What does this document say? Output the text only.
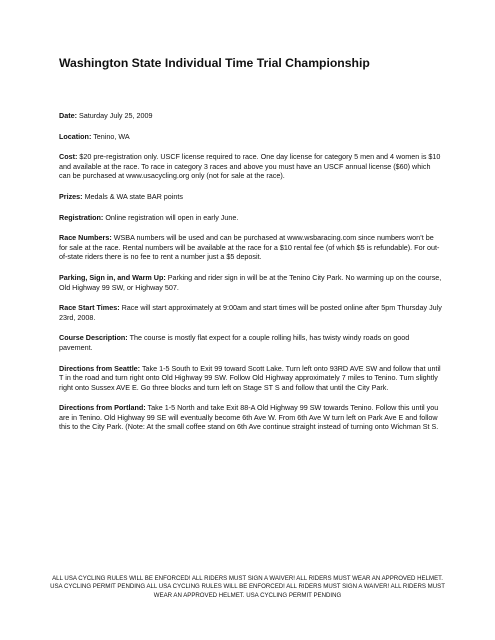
Washington State Individual Time Trial Championship

Date: Saturday July 25, 2009

Location: Tenino, WA

Cost: $20 pre-registration only. USCF license required to race. One day license for category 5 men and 4 women is $10 and available at the race. To race in category 3 races and above you must have an USCF annual license ($60) which can be purchased at www.usacycling.org only (not for sale at the race).

Prizes: Medals & WA state BAR points

Registration: Online registration will open in early June.

Race Numbers: WSBA numbers will be used and can be purchased at www.wsbaracing.com since numbers won’t be for sale at the race. Rental numbers will be available at the race for a $10 rental fee (of which $5 is refundable). For out-of-state riders there is no fee to rent a number just a $5 deposit.

Parking, Sign in, and Warm Up: Parking and rider sign in will be at the Tenino City Park. No warming up on the course, Old Highway 99 SW, or Highway 507.

Race Start Times: Race will start approximately at 9:00am and start times will be posted online after 5pm Thursday July 23rd, 2008.

Course Description: The course is mostly flat expect for a couple rolling hills, has twisty windy roads on good pavement.

Directions from Seattle: Take 1-5 South to Exit 99 toward Scott Lake. Turn left onto 93RD AVE SW and follow that until T in the road and turn right onto Old Highway 99 SW. Follow Old Highway approximately 7 miles to Tenino. Turn slightly right onto Sussex AVE E. Go three blocks and turn left on Stage ST S and follow that until the City Park.

Directions from Portland: Take 1-5 North and take Exit 88-A Old Highway 99 SW towards Tenino. Follow this until you are in Tenino. Old Highway 99 SE will eventually become 6th Ave W. From 6th Ave W turn left on Park Ave E and follow this to the City Park. (Note: At the small coffee stand on 6th Ave continue straight instead of turning onto Wichman St S.

ALL USA CYCLING RULES WILL BE ENFORCED! ALL RIDERS MUST SIGN A WAIVER! ALL RIDERS MUST WEAR AN APPROVED HELMET. USA CYCLING PERMIT PENDING ALL USA CYCLING RULES WILL BE ENFORCED! ALL RIDERS MUST SIGN A WAIVER! ALL RIDERS MUST WEAR AN APPROVED HELMET. USA CYCLING PERMIT PENDING
